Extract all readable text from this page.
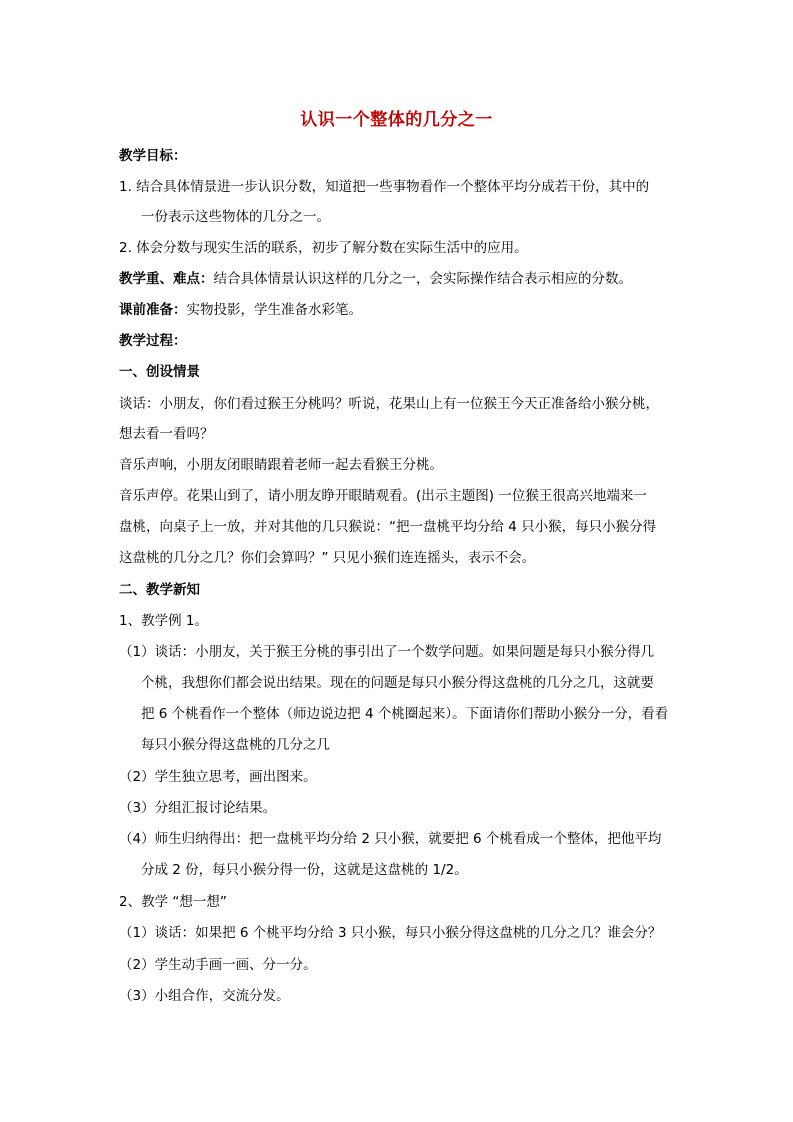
认识一个整体的几分之一
教学目标：
1. 结合具体情景进一步认识分数，知道把一些事物看作一个整体平均分成若干份，其中的
一份表示这些物体的几分之一。
2. 体会分数与现实生活的联系，初步了解分数在实际生活中的应用。
教学重、难点：结合具体情景认识这样的几分之一，会实际操作结合表示相应的分数。
课前准备：实物投影，学生准备水彩笔。
教学过程：
一、创设情景
谈话：小朋友，你们看过猴王分桃吗？听说，花果山上有一位猴王今天正准备给小猴分桃，
想去看一看吗？
音乐声响，小朋友闭眼睛跟着老师一起去看猴王分桃。
音乐声停。花果山到了，请小朋友睁开眼睛观看。(出示主题图) 一位猴王很高兴地端来一
盘桃，向桌子上一放，并对其他的几只猴说：“把一盘桃平均分给 4 只小猴，每只小猴分得
这盘桃的几分之几？你们会算吗？” 只见小猴们连连摇头，表示不会。
二、教学新知
1、教学例 1。
（1）谈话：小朋友，关于猴王分桃的事引出了一个数学问题。如果问题是每只小猴分得几
个桃，我想你们都会说出结果。现在的问题是每只小猴分得这盘桃的几分之几，这就要
把 6 个桃看作一个整体（师边说边把 4 个桃圈起来）。下面请你们帮助小猴分一分，看看
每只小猴分得这盘桃的几分之几
（2）学生独立思考，画出图来。
（3）分组汇报讨论结果。
（4）师生归纳得出：把一盘桃平均分给 2 只小猴，就要把 6 个桃看成一个整体，把他平均
分成 2 份，每只小猴分得一份，这就是这盘桃的 1/2。
2、教学 “想一想”
（1）谈话：如果把 6 个桃平均分给 3 只小猴，每只小猴分得这盘桃的几分之几？谁会分？
（2）学生动手画一画、分一分。
（3）小组合作，交流分发。
